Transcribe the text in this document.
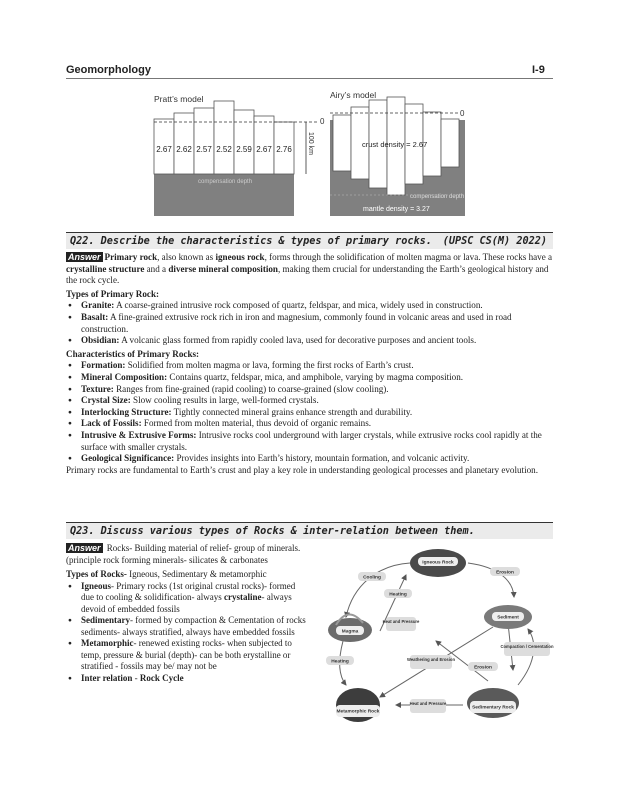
Geomorphology	I-9
Pratt’s model
0
2.67 2.62 2.57 2.52 2.59 2.67 2.76
compensation depth
100 km
Airy’s model
0
crust density = 2.67
compensation depth
mantle density = 3.27
Q22. Describe the characteristics & types of primary rocks. (UPSC CS(M) 2022)

Answer Primary rock, also known as igneous rock, forms through the solidification of molten magma or lava. These rocks have a crystalline structure and a diverse mineral composition, making them crucial for understanding the Earth’s geological history and the rock cycle.

Types of Primary Rock:

● Granite: A coarse-grained intrusive rock composed of quartz, feldspar, and mica, widely used in construction.
● Basalt: A fine-grained extrusive rock rich in iron and magnesium, commonly found in volcanic areas and used in road construction.
● Obsidian: A volcanic glass formed from rapidly cooled lava, used for decorative purposes and ancient tools.

Characteristics of Primary Rocks:

● Formation: Solidified from molten magma or lava, forming the first rocks of Earth’s crust.
● Mineral Composition: Contains quartz, feldspar, mica, and amphibole, varying by magma composition.
● Texture: Ranges from fine-grained (rapid cooling) to coarse-grained (slow cooling).
● Crystal Size: Slow cooling results in large, well-formed crystals.
● Interlocking Structure: Tightly connected mineral grains enhance strength and durability.
● Lack of Fossils: Formed from molten material, thus devoid of organic remains.
● Intrusive & Extrusive Forms: Intrusive rocks cool underground with larger crystals, while extrusive rocks cool rapidly at the surface with smaller crystals.
● Geological Significance: Provides insights into Earth’s history, mountain formation, and volcanic activity.

Primary rocks are fundamental to Earth’s crust and play a key role in understanding geological processes and planetary evolution.

Q23. Discuss various types of Rocks & inter-relation between them.

Answer Rocks- Building material of relief- group of minerals. (principle rock forming minerals- silicates & carbonates

Types of Rocks- Igneous, Sedimentary & metamorphic

● Igneous- Primary rocks (1st original crustal rocks)- formed due to cooling & solidification- always crystaline- always devoid of embedded fossils
● Sedimentary- formed by compaction & Cementation of rocks sediments- always stratified, always have embedded fossils
● Metamorphic- renewed existing rocks- when subjected to temp, pressure & burial (depth)- can be both erystalline or stratified - fossils may be/ may not be
● Inter relation - Rock Cycle
Igneous Rock
Erosion
Cooling
Heating
Magma
Heat and Pressure
Sediment
Compaction / Cementation
Heating	Weathering and Erosion
Erosion
Metamorphic Rock
Heat and Pressure
Sedimentary Rock
